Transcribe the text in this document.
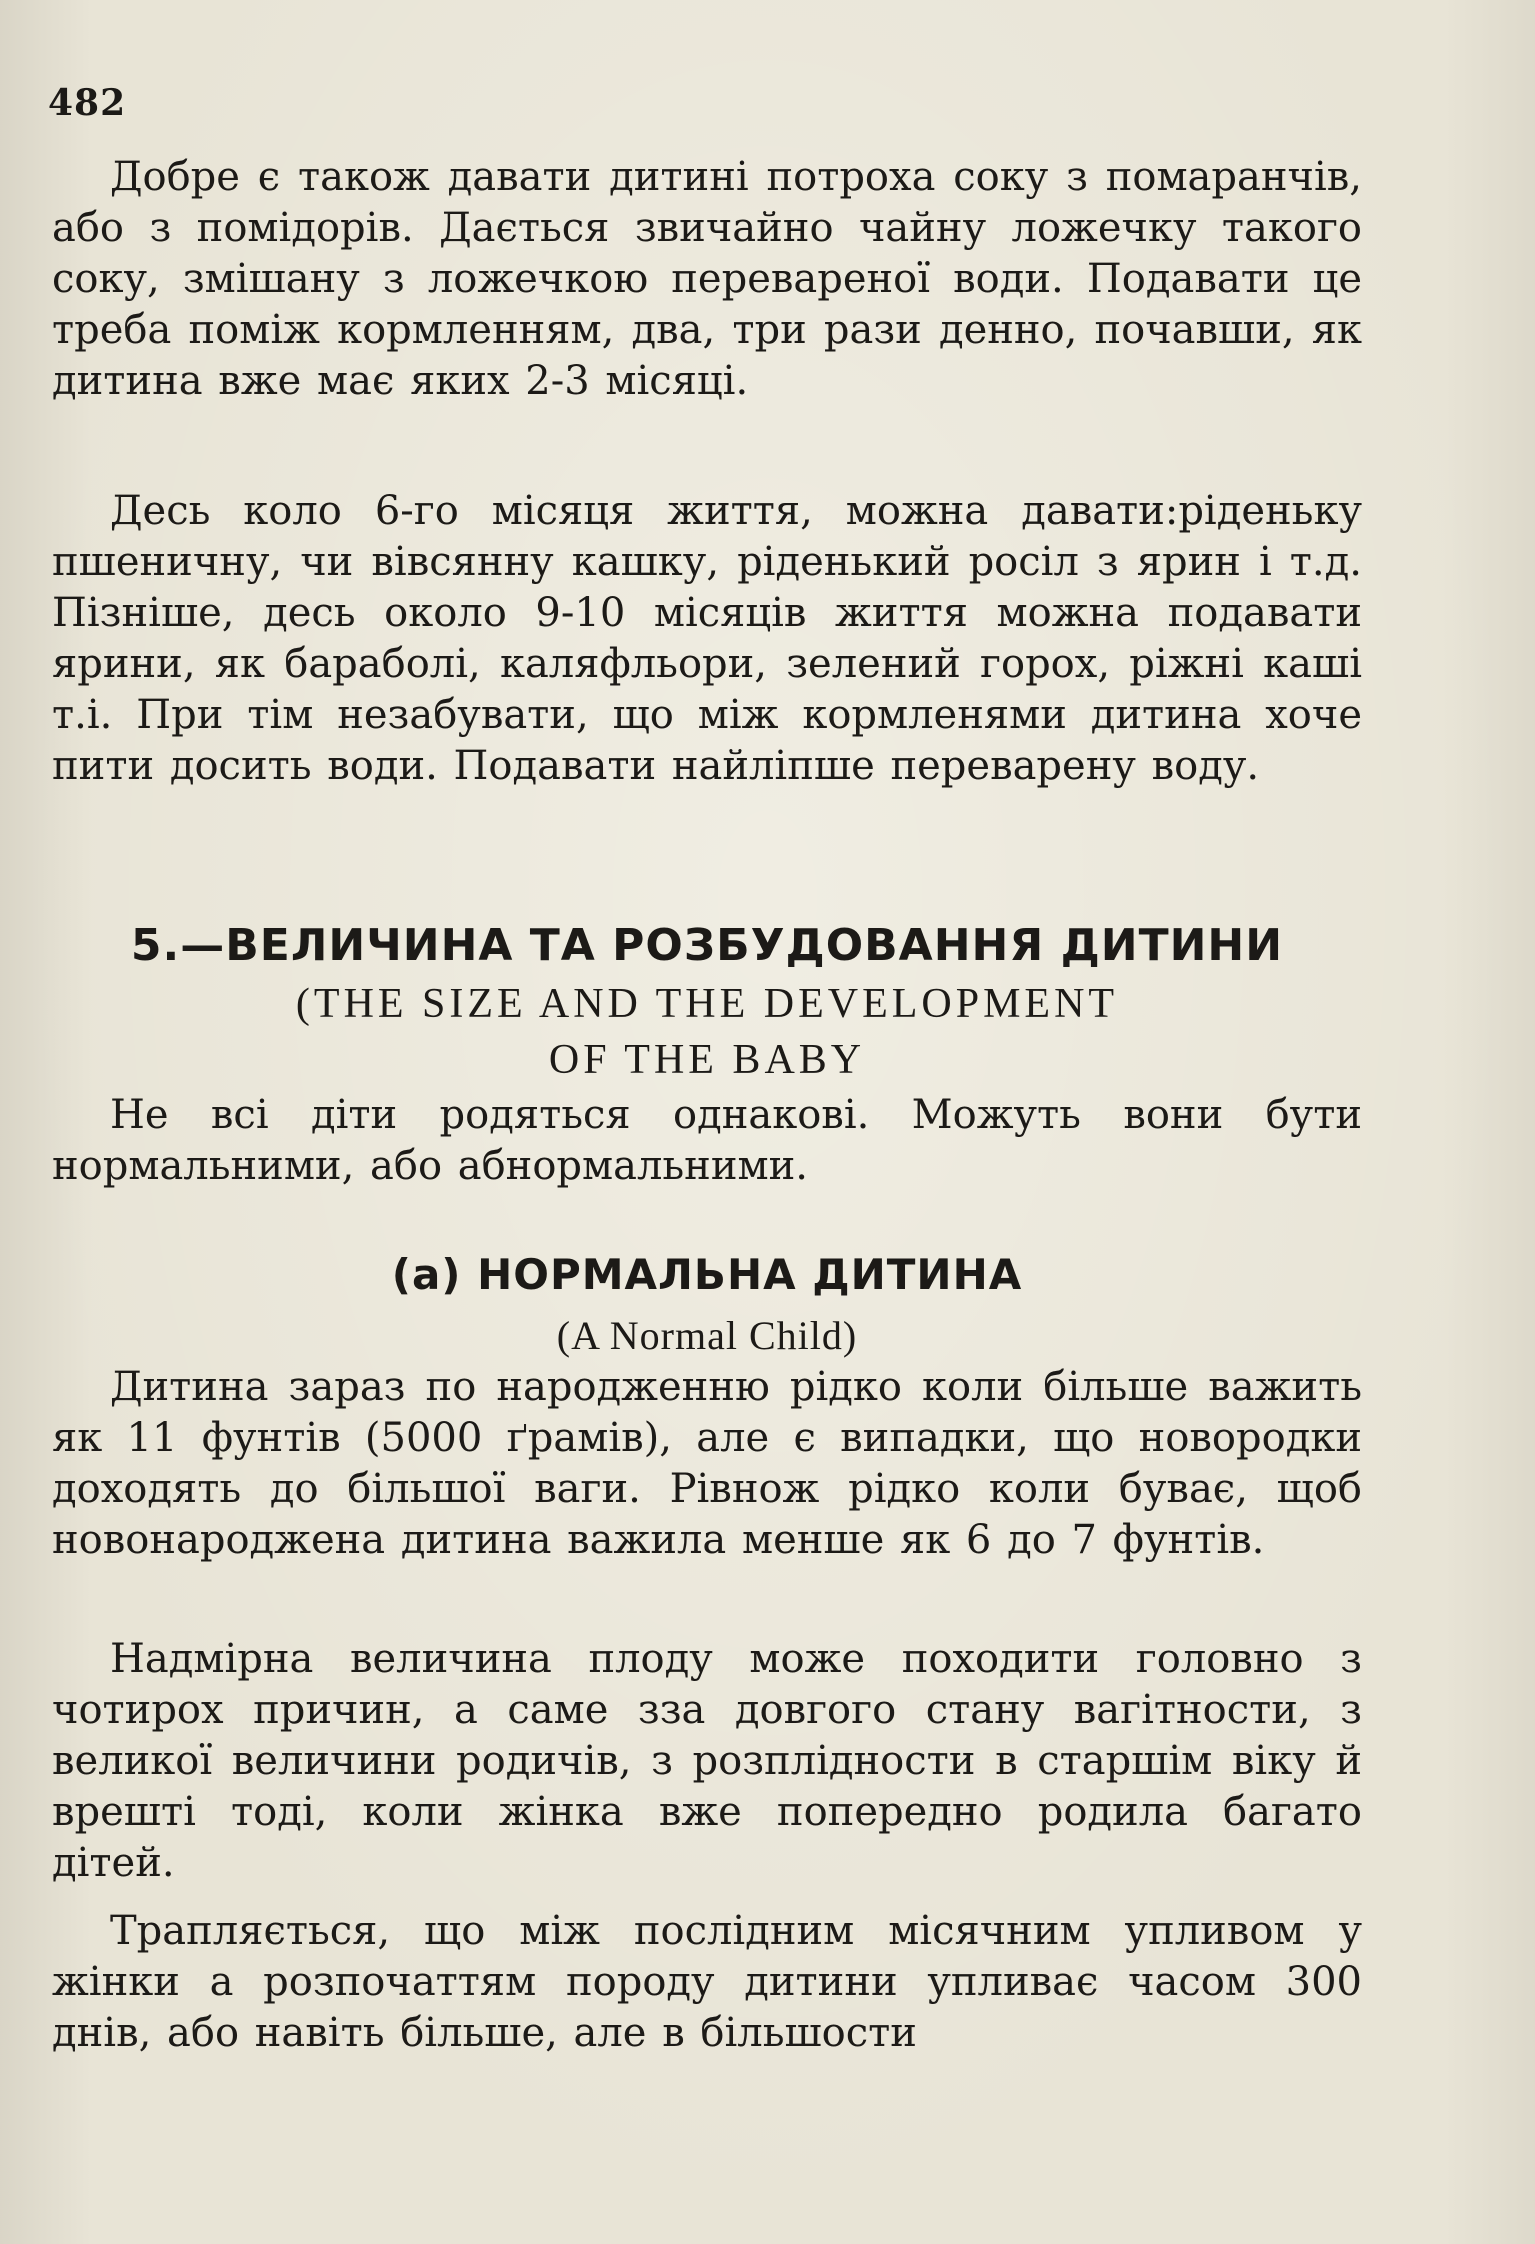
482

Добре є також давати дитині потроха соку з помаранчів, або з помідорів. Дається звичайно чайну ложечку такого соку, змішану з ложечкою перевареної води. Подавати це треба поміж кормленням, два, три рази денно, почавши, як дитина вже має яких 2-3 місяці.

Десь коло 6-го місяця життя, можна давати:ріденьку пшеничну, чи вівсянну кашку, ріденький росіл з ярин і т.д. Пізніше, десь около 9-10 місяців життя можна подавати ярини, як бараболі, каляфльори, зелений горох, ріжні каші т.і. При тім незабувати, що між кормленями дитина хоче пити досить води. Подавати найліпше переварену воду.

5.—ВЕЛИЧИНА ТА РОЗБУДОВАННЯ ДИТИНИ
(THE SIZE AND THE DEVELOPMENT
OF THE BABY

Не всі діти родяться однакові. Можуть вони бути нормальними, або абнормальними.

(а) НОРМАЛЬНА ДИТИНА
(A Normal Child)

Дитина зараз по народженню рідко коли більше важить як 11 фунтів (5000 ґрамів), але є випадки, що новородки доходять до більшої ваги. Рівнож рідко коли буває, щоб новонароджена дитина важила менше як 6 до 7 фунтів.

Надмірна величина плоду може походити головно з чотирох причин, а саме зза довгого стану вагітности, з великої величини родичів, з розплідности в старшім віку й врешті тоді, коли жінка вже попередно родила багато дітей.

Трапляється, що між послідним місячним упливом у жінки а розпочаттям породу дитини упливає часом 300 днів, або навіть більше, але в більшости
